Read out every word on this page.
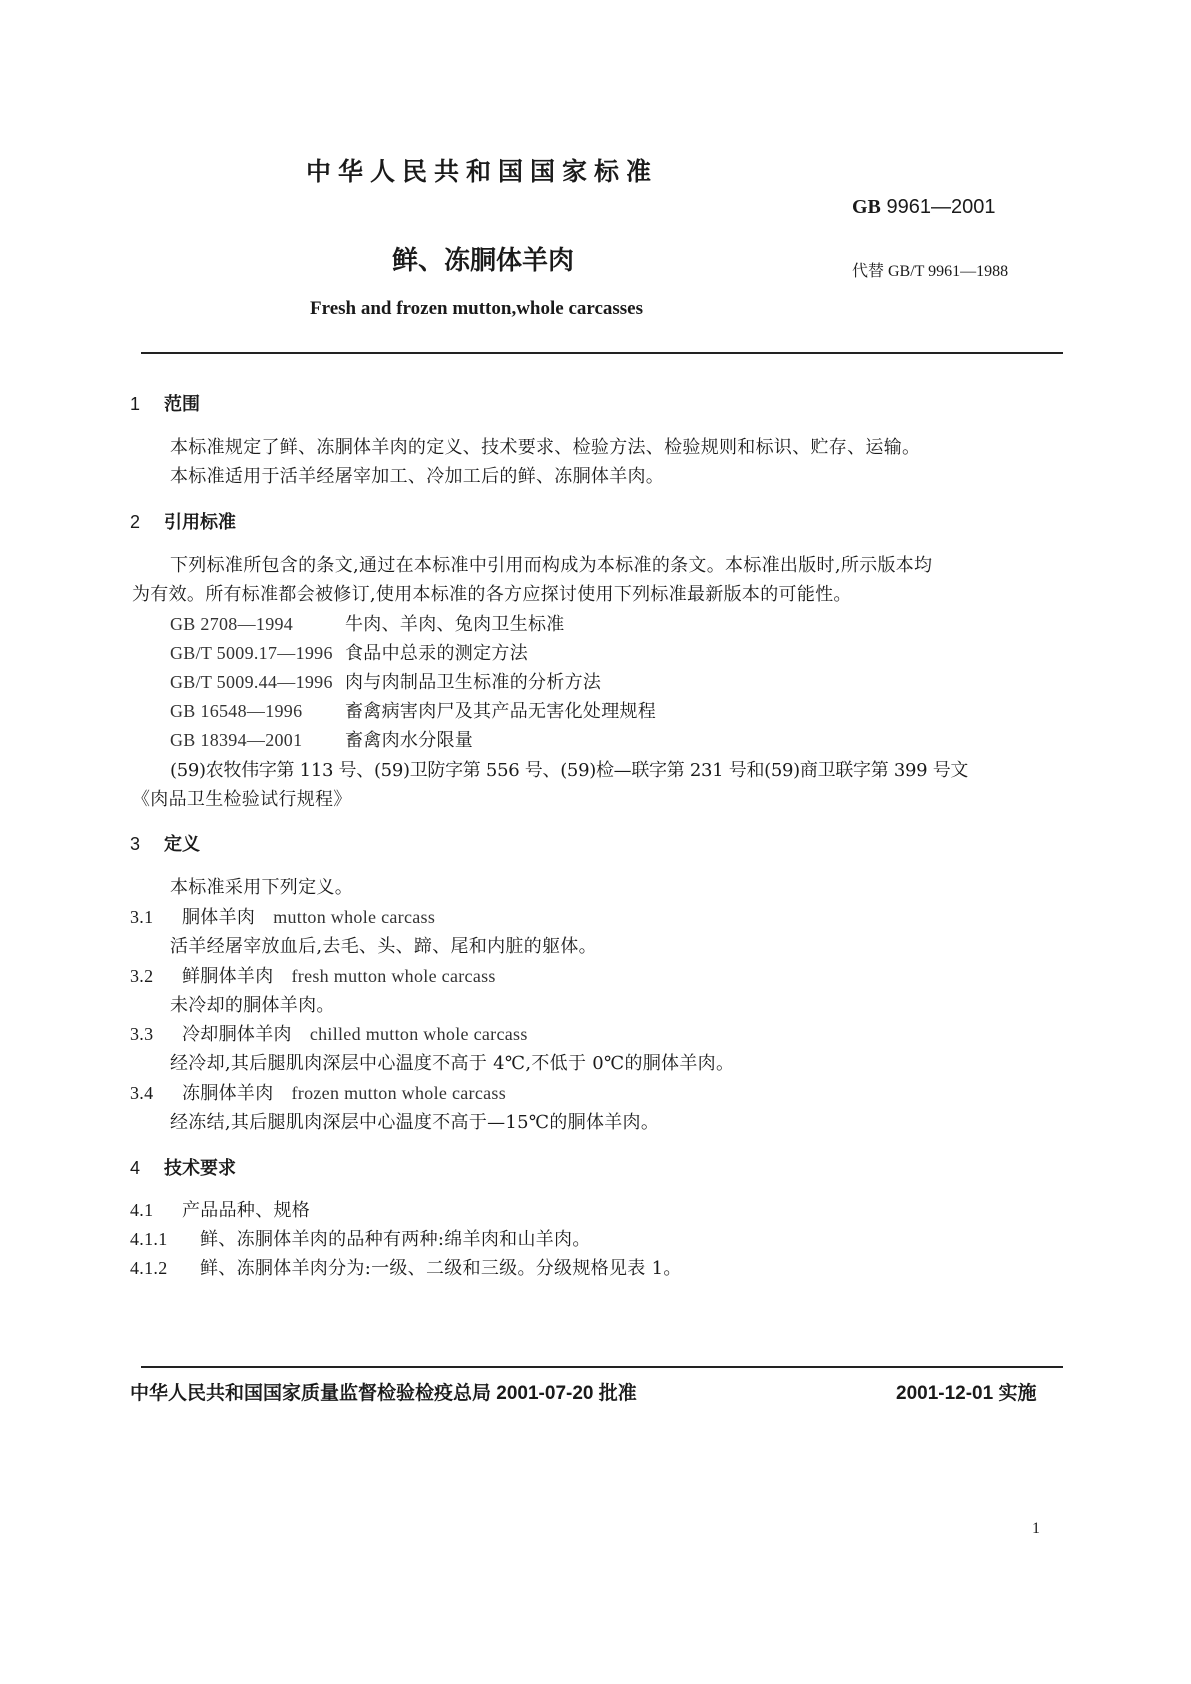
中华人民共和国国家标准
GB 9961—2001
鲜、冻胴体羊肉	代替 GB/T 9961—1988
Fresh and frozen mutton,whole carcasses
1 范围
本标准规定了鲜、冻胴体羊肉的定义、技术要求、检验方法、检验规则和标识、贮存、运输。
本标准适用于活羊经屠宰加工、冷加工后的鲜、冻胴体羊肉。
2 引用标准
下列标准所包含的条文,通过在本标准中引用而构成为本标准的条文。本标准出版时,所示版本均
为有效。所有标准都会被修订,使用本标准的各方应探讨使用下列标准最新版本的可能性。
GB 2708—1994	牛肉、羊肉、兔肉卫生标准
GB/T 5009.17—1996 食品中总汞的测定方法
GB/T 5009.44—1996 肉与肉制品卫生标准的分析方法
GB 16548—1996 畜禽病害肉尸及其产品无害化处理规程
GB 18394—2001 畜禽肉水分限量
(59)农牧伟字第 113 号、(59)卫防字第 556 号、(59)检—联字第 231 号和(59)商卫联字第 399 号文
《肉品卫生检验试行规程》
3 定义
本标准采用下列定义。
3.1 胴体羊肉 mutton whole carcass
活羊经屠宰放血后,去毛、头、蹄、尾和内脏的躯体。
3.2 鲜胴体羊肉 fresh mutton whole carcass
未冷却的胴体羊肉。
3.3 冷却胴体羊肉 chilled mutton whole carcass
经冷却,其后腿肌肉深层中心温度不高于 4℃,不低于 0℃的胴体羊肉。
3.4 冻胴体羊肉 frozen mutton whole carcass
经冻结,其后腿肌肉深层中心温度不高于—15℃的胴体羊肉。
4 技术要求
4.1 产品品种、规格
4.1.1 鲜、冻胴体羊肉的品种有两种:绵羊肉和山羊肉。
4.1.2 鲜、冻胴体羊肉分为:一级、二级和三级。分级规格见表 1。
中华人民共和国国家质量监督检验检疫总局 2001-07-20 批准	2001-12-01 实施
1
